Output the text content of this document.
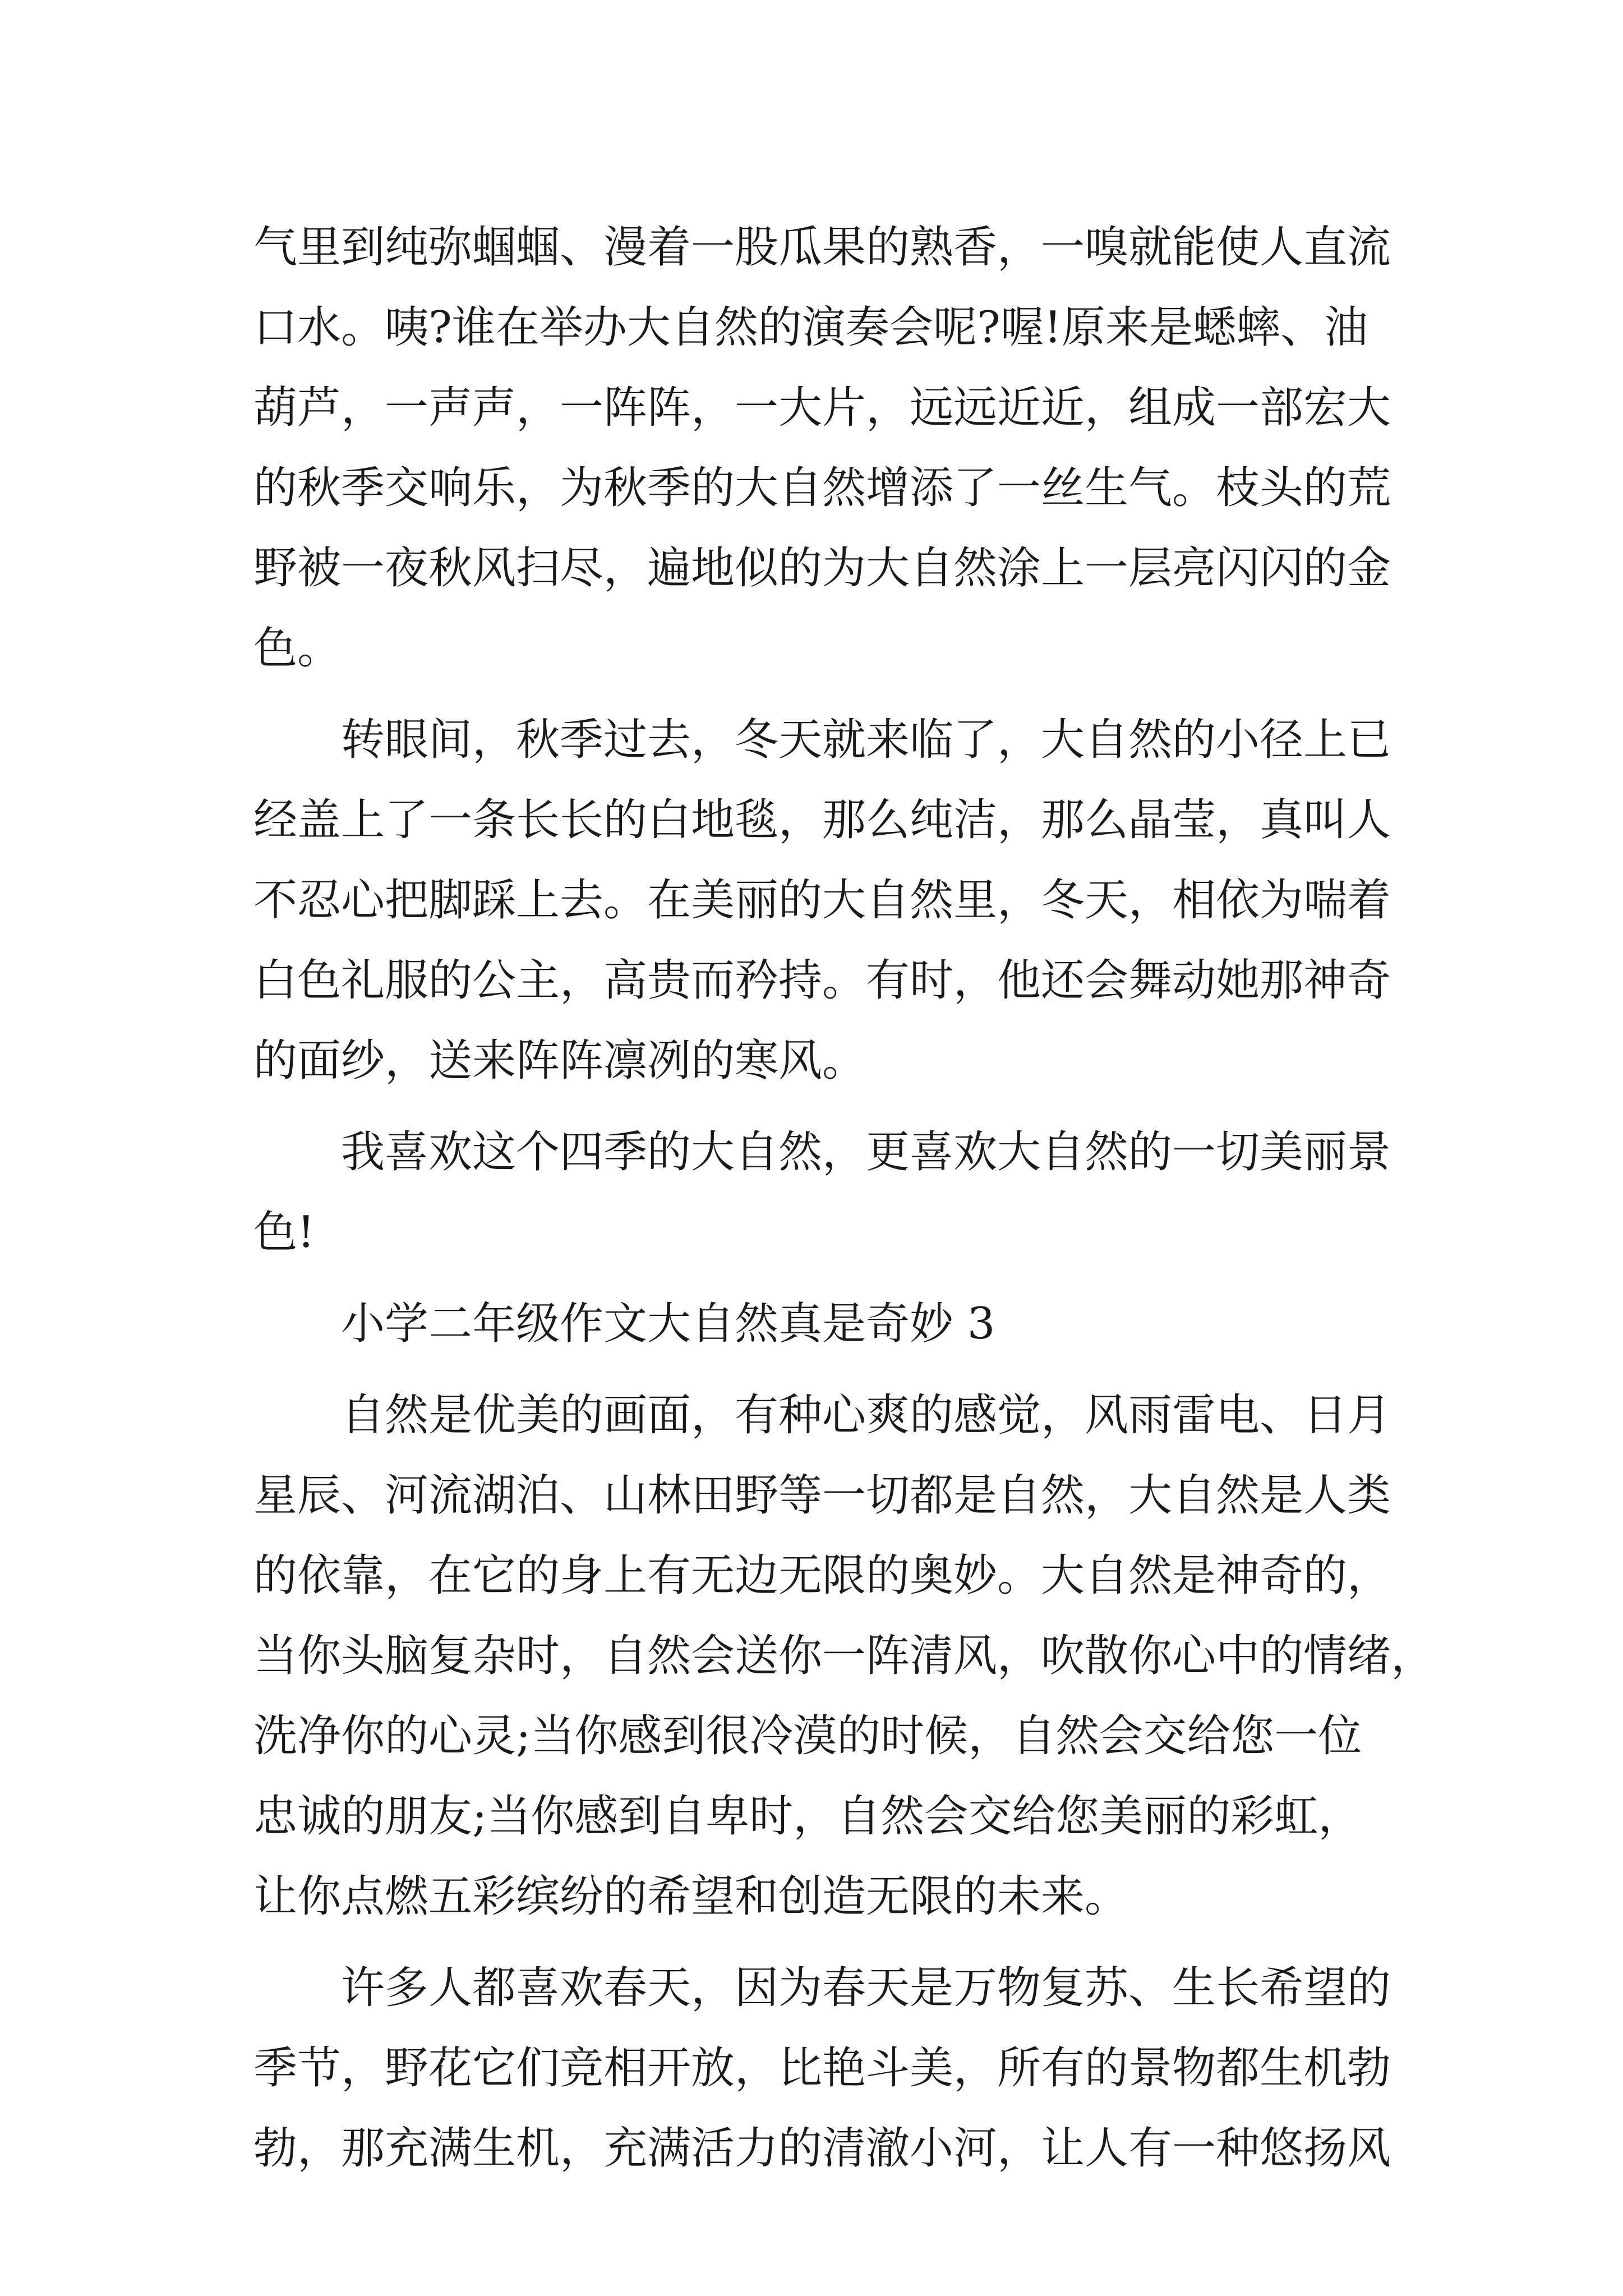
气里到纯弥蝈蝈、漫着一股瓜果的熟香，一嗅就能使人直流
口水。咦?谁在举办大自然的演奏会呢?喔!原来是蟋蟀、油
葫芦，一声声，一阵阵，一大片，远远近近，组成一部宏大
的秋季交响乐，为秋季的大自然增添了一丝生气。枝头的荒
野被一夜秋风扫尽，遍地似的为大自然涂上一层亮闪闪的金
色。
转眼间，秋季过去，冬天就来临了，大自然的小径上已
经盖上了一条长长的白地毯，那么纯洁，那么晶莹，真叫人
不忍心把脚踩上去。在美丽的大自然里，冬天，相依为喘着
白色礼服的公主，高贵而矜持。有时，他还会舞动她那神奇
的面纱，送来阵阵凛冽的寒风。
我喜欢这个四季的大自然，更喜欢大自然的一切美丽景
色!
小学二年级作文大自然真是奇妙 3
自然是优美的画面，有种心爽的感觉，风雨雷电、日月
星辰、河流湖泊、山林田野等一切都是自然，大自然是人类
的依靠，在它的身上有无边无限的奥妙。大自然是神奇的，
当你头脑复杂时，自然会送你一阵清风，吹散你心中的情绪，
洗净你的心灵;当你感到很冷漠的时候，自然会交给您一位
忠诚的朋友;当你感到自卑时，自然会交给您美丽的彩虹，
让你点燃五彩缤纷的希望和创造无限的未来。
许多人都喜欢春天，因为春天是万物复苏、生长希望的
季节，野花它们竞相开放，比艳斗美，所有的景物都生机勃
勃，那充满生机，充满活力的清澈小河，让人有一种悠扬风
